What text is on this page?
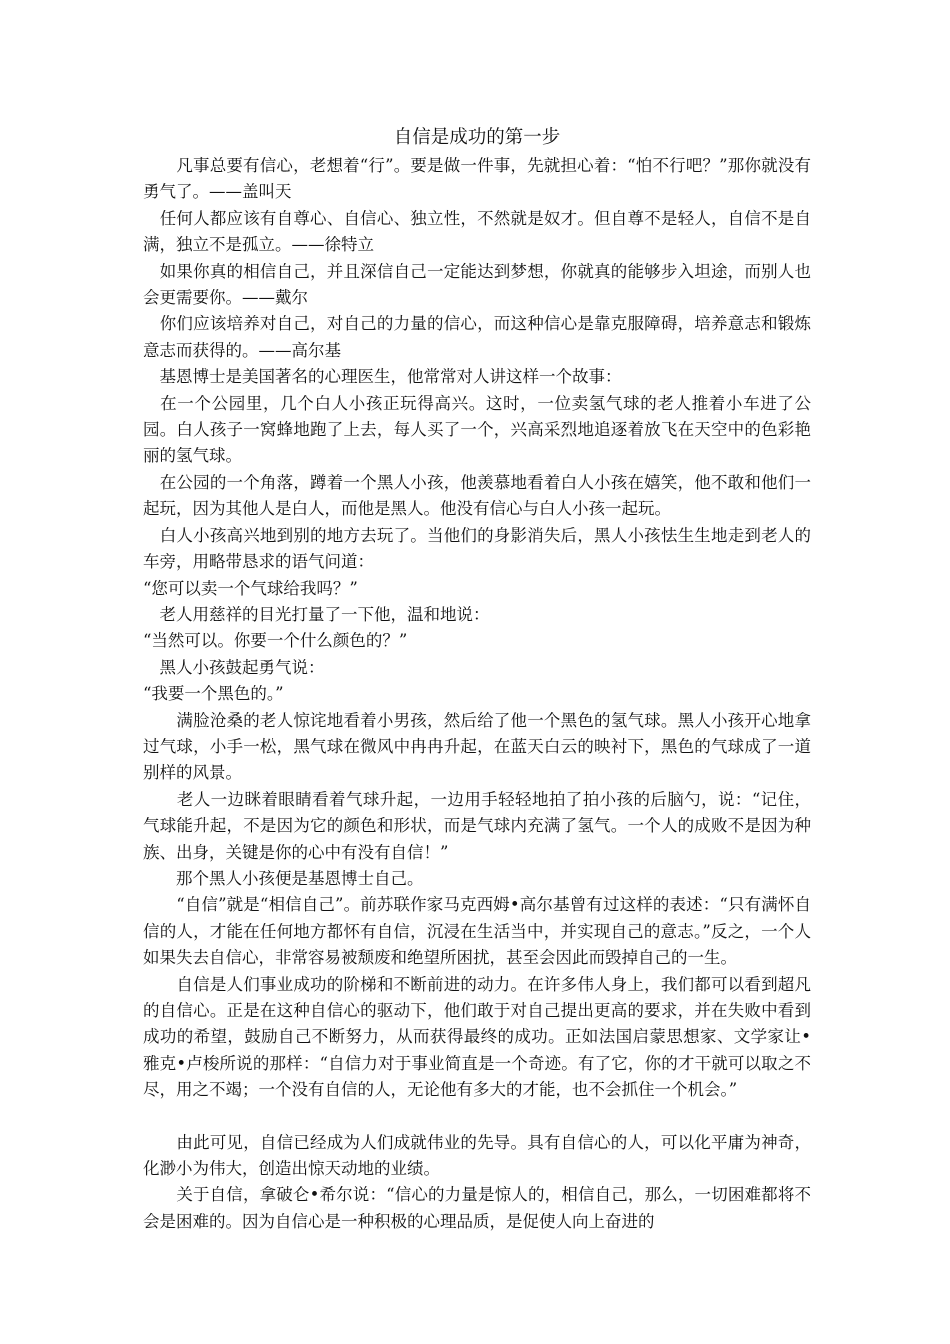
自信是成功的第一步

　　凡事总要有信心，老想着“行”。要是做一件事，先就担心着：“怕不行吧？”那你就没有勇气了。——盖叫天

　任何人都应该有自尊心、自信心、独立性，不然就是奴才。但自尊不是轻人，自信不是自满，独立不是孤立。——徐特立

　如果你真的相信自己，并且深信自己一定能达到梦想，你就真的能够步入坦途，而别人也会更需要你。——戴尔

　你们应该培养对自己，对自己的力量的信心，而这种信心是靠克服障碍，培养意志和锻炼意志而获得的。——高尔基

　基恩博士是美国著名的心理医生，他常常对人讲这样一个故事：

　在一个公园里，几个白人小孩正玩得高兴。这时，一位卖氢气球的老人推着小车进了公园。白人孩子一窝蜂地跑了上去，每人买了一个，兴高采烈地追逐着放飞在天空中的色彩艳丽的氢气球。

　在公园的一个角落，蹲着一个黑人小孩，他羡慕地看着白人小孩在嬉笑，他不敢和他们一起玩，因为其他人是白人，而他是黑人。他没有信心与白人小孩一起玩。

　白人小孩高兴地到别的地方去玩了。当他们的身影消失后，黑人小孩怯生生地走到老人的车旁，用略带恳求的语气问道：

“您可以卖一个气球给我吗？”

　老人用慈祥的目光打量了一下他，温和地说：

“当然可以。你要一个什么颜色的？”

　黑人小孩鼓起勇气说：

“我要一个黑色的。”

　　满脸沧桑的老人惊诧地看着小男孩，然后给了他一个黑色的氢气球。黑人小孩开心地拿过气球，小手一松，黑气球在微风中冉冉升起，在蓝天白云的映衬下，黑色的气球成了一道别样的风景。

　　老人一边眯着眼睛看着气球升起，一边用手轻轻地拍了拍小孩的后脑勺，说：“记住，气球能升起，不是因为它的颜色和形状，而是气球内充满了氢气。一个人的成败不是因为种族、出身，关键是你的心中有没有自信！”

　　那个黑人小孩便是基恩博士自己。

　　“自信”就是“相信自己”。前苏联作家马克西姆•高尔基曾有过这样的表述：“只有满怀自信的人，才能在任何地方都怀有自信，沉浸在生活当中，并实现自己的意志。”反之，一个人如果失去自信心，非常容易被颓废和绝望所困扰，甚至会因此而毁掉自己的一生。

　　自信是人们事业成功的阶梯和不断前进的动力。在许多伟人身上，我们都可以看到超凡的自信心。正是在这种自信心的驱动下，他们敢于对自己提出更高的要求，并在失败中看到成功的希望，鼓励自己不断努力，从而获得最终的成功。正如法国启蒙思想家、文学家让•雅克•卢梭所说的那样：“自信力对于事业简直是一个奇迹。有了它，你的才干就可以取之不尽，用之不竭；一个没有自信的人，无论他有多大的才能，也不会抓住一个机会。”

　　由此可见，自信已经成为人们成就伟业的先导。具有自信心的人，可以化平庸为神奇，化渺小为伟大，创造出惊天动地的业绩。

　　关于自信，拿破仑•希尔说：“信心的力量是惊人的，相信自己，那么，一切困难都将不会是困难的。因为自信心是一种积极的心理品质，是促使人向上奋进的
